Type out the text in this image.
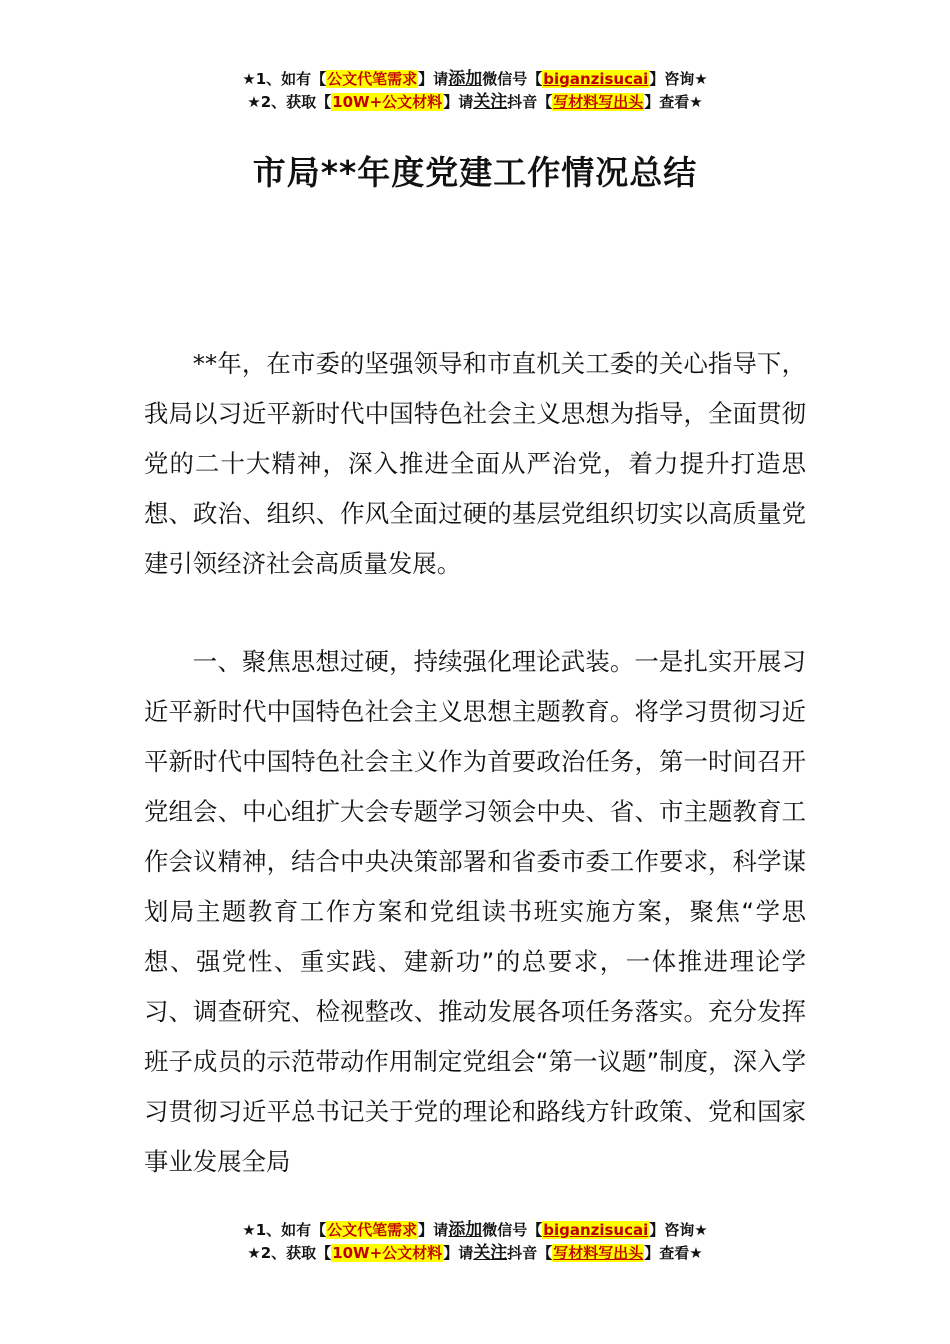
★1、如有【公文代笔需求】请添加微信号【biganzisucai】咨询★
★2、获取【10W+公文材料】请关注抖音【写材料写出头】查看★
市局**年度党建工作情况总结

**年，在市委的坚强领导和市直机关工委的关心指导下，我局以习近平新时代中国特色社会主义思想为指导，全面贯彻党的二十大精神，深入推进全面从严治党，着力提升打造思想、政治、组织、作风全面过硬的基层党组织切实以高质量党建引领经济社会高质量发展。

一、聚焦思想过硬，持续强化理论武装。一是扎实开展习近平新时代中国特色社会主义思想主题教育。将学习贯彻习近平新时代中国特色社会主义作为首要政治任务，第一时间召开党组会、中心组扩大会专题学习领会中央、省、市主题教育工作会议精神，结合中央决策部署和省委市委工作要求，科学谋划局主题教育工作方案和党组读书班实施方案，聚焦“学思想、强党性、重实践、建新功”的总要求，一体推进理论学习、调查研究、检视整改、推动发展各项任务落实。充分发挥班子成员的示范带动作用制定党组会“第一议题”制度，深入学习贯彻习近平总书记关于党的理论和路线方针政策、党和国家事业发展全局

★1、如有【公文代笔需求】请添加微信号【biganzisucai】咨询★
★2、获取【10W+公文材料】请关注抖音【写材料写出头】查看★
